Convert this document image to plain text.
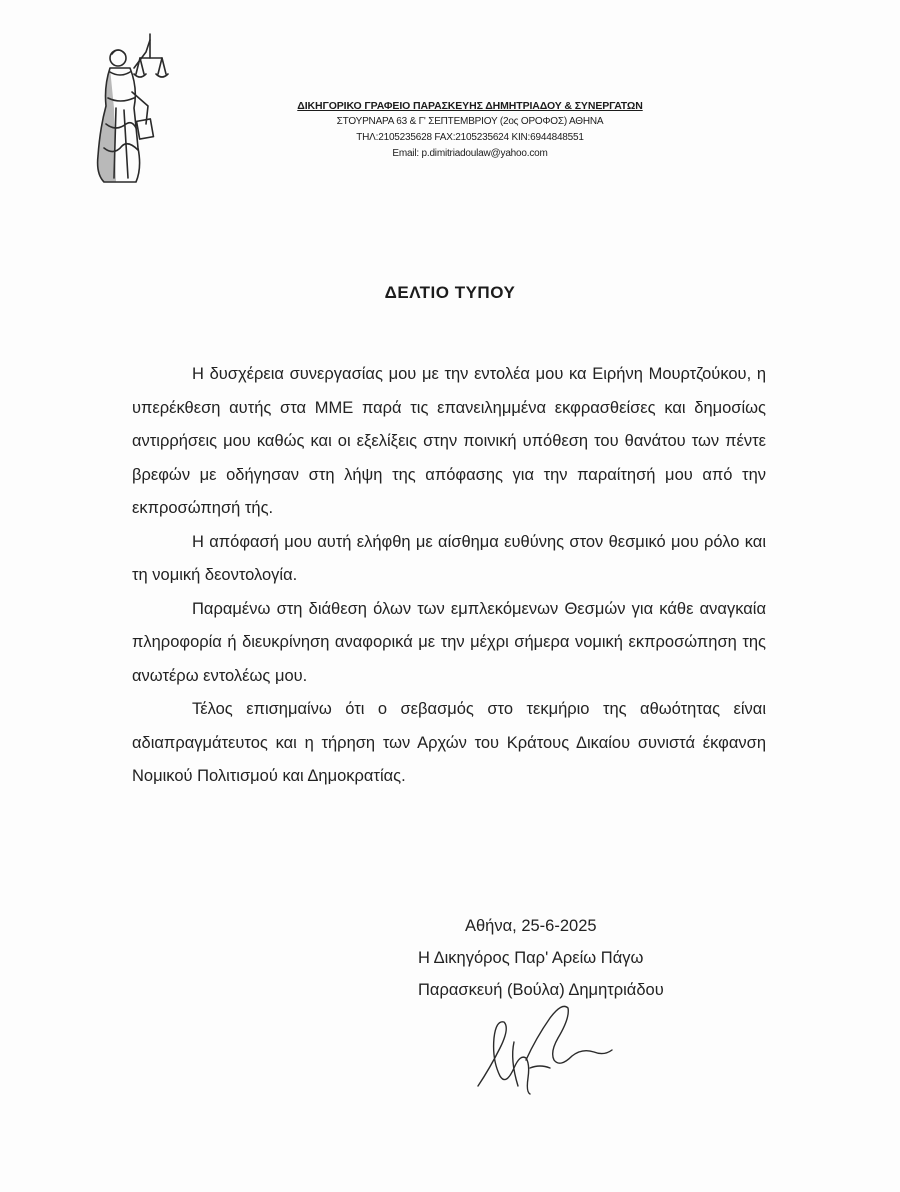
ΔΙΚΗΓΟΡΙΚΟ ΓΡΑΦΕΙΟ ΠΑΡΑΣΚΕΥΗΣ ΔΗΜΗΤΡΙΑΔΟΥ & ΣΥΝΕΡΓΑΤΩΝ
ΣΤΟΥΡΝΑΡΑ 63 & Γ' ΣΕΠΤΕΜΒΡΙΟΥ (2ος ΟΡΟΦΟΣ) ΑΘΗΝΑ
ΤΗΛ:2105235628 FAX:2105235624 ΚΙΝ:6944848551
Email: p.dimitriadoulaw@yahoo.com
ΔΕΛΤΙΟ ΤΥΠΟΥ

Η δυσχέρεια συνεργασίας μου με την εντολέα μου κα Ειρήνη Μουρτζούκου, η υπερέκθεση αυτής στα ΜΜΕ παρά τις επανειλημμένα εκφρασθείσες και δημοσίως αντιρρήσεις μου καθώς και οι εξελίξεις στην ποινική υπόθεση του θανάτου των πέντε βρεφών με οδήγησαν στη λήψη της απόφασης για την παραίτησή μου από την εκπροσώπησή τής.

Η απόφασή μου αυτή ελήφθη με αίσθημα ευθύνης στον θεσμικό μου ρόλο και τη νομική δεοντολογία.

Παραμένω στη διάθεση όλων των εμπλεκόμενων Θεσμών για κάθε αναγκαία πληροφορία ή διευκρίνηση αναφορικά με την μέχρι σήμερα νομική εκπροσώπηση της ανωτέρω εντολέως μου.

Τέλος επισημαίνω ότι ο σεβασμός στο τεκμήριο της αθωότητας είναι αδιαπραγμάτευτος και η τήρηση των Αρχών του Κράτους Δικαίου συνιστά έκφανση Νομικού Πολιτισμού και Δημοκρατίας.

Αθήνα, 25-6-2025
Η Δικηγόρος Παρ' Αρείω Πάγω
Παρασκευή (Βούλα) Δημητριάδου
